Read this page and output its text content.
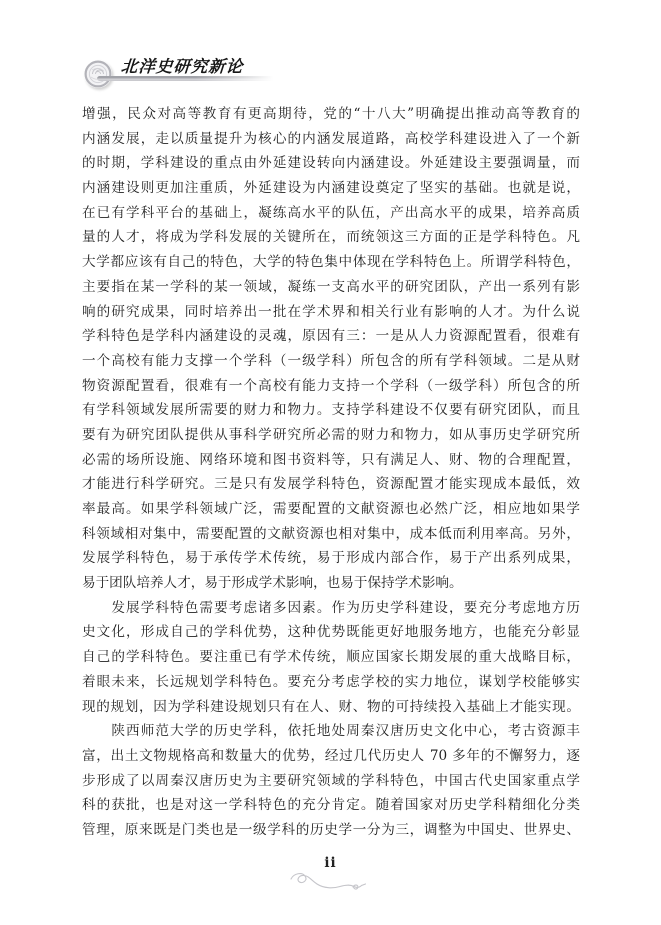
北洋史研究新论
增强，民众对高等教育有更高期待，党的“十八大”明确提出推动高等教育的
内涵发展，走以质量提升为核心的内涵发展道路，高校学科建设进入了一个新
的时期，学科建设的重点由外延建设转向内涵建设。外延建设主要强调量，而
内涵建设则更加注重质，外延建设为内涵建设奠定了坚实的基础。也就是说，
在已有学科平台的基础上，凝练高水平的队伍，产出高水平的成果，培养高质
量的人才，将成为学科发展的关键所在，而统领这三方面的正是学科特色。凡
大学都应该有自己的特色，大学的特色集中体现在学科特色上。所谓学科特色，
主要指在某一学科的某一领域，凝练一支高水平的研究团队，产出一系列有影
响的研究成果，同时培养出一批在学术界和相关行业有影响的人才。为什么说
学科特色是学科内涵建设的灵魂，原因有三：一是从人力资源配置看，很难有
一个高校有能力支撑一个学科（一级学科）所包含的所有学科领域。二是从财
物资源配置看，很难有一个高校有能力支持一个学科（一级学科）所包含的所
有学科领域发展所需要的财力和物力。支持学科建设不仅要有研究团队，而且
要有为研究团队提供从事科学研究所必需的财力和物力，如从事历史学研究所
必需的场所设施、网络环境和图书资料等，只有满足人、财、物的合理配置，
才能进行科学研究。三是只有发展学科特色，资源配置才能实现成本最低，效
率最高。如果学科领域广泛，需要配置的文献资源也必然广泛，相应地如果学
科领域相对集中，需要配置的文献资源也相对集中，成本低而利用率高。另外，
发展学科特色，易于承传学术传统，易于形成内部合作，易于产出系列成果，
易于团队培养人才，易于形成学术影响，也易于保持学术影响。
　　发展学科特色需要考虑诸多因素。作为历史学科建设，要充分考虑地方历
史文化，形成自己的学科优势，这种优势既能更好地服务地方，也能充分彰显
自己的学科特色。要注重已有学术传统，顺应国家长期发展的重大战略目标，
着眼未来，长远规划学科特色。要充分考虑学校的实力地位，谋划学校能够实
现的规划，因为学科建设规划只有在人、财、物的可持续投入基础上才能实现。
　　陕西师范大学的历史学科，依托地处周秦汉唐历史文化中心，考古资源丰
富，出土文物规格高和数量大的优势，经过几代历史人 70 多年的不懈努力，逐
步形成了以周秦汉唐历史为主要研究领域的学科特色，中国古代史国家重点学
科的获批，也是对这一学科特色的充分肯定。随着国家对历史学科精细化分类
管理，原来既是门类也是一级学科的历史学一分为三，调整为中国史、世界史、
ii
